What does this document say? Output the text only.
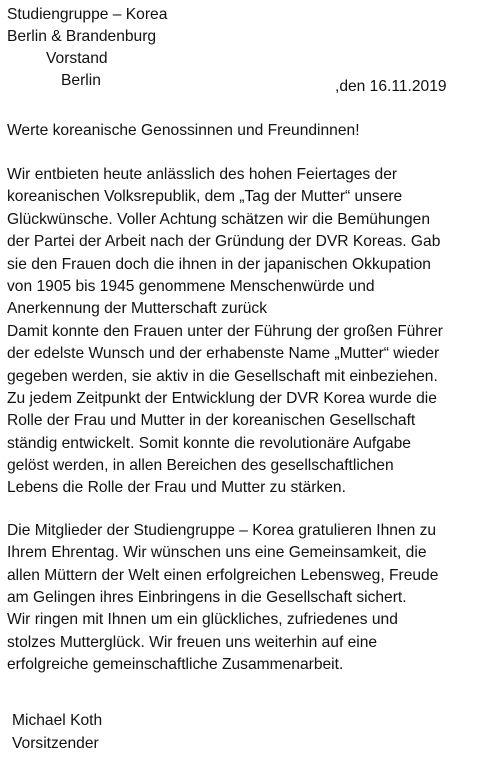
Studiengruppe – Korea
Berlin & Brandenburg
Vorstand
Berlin	,den 16.11.2019
Werte koreanische Genossinnen und Freundinnen!
Wir entbieten heute anlässlich des hohen Feiertages der
koreanischen Volksrepublik, dem „Tag der Mutter“ unsere
Glückwünsche. Voller Achtung schätzen wir die Bemühungen
der Partei der Arbeit nach der Gründung der DVR Koreas. Gab
sie den Frauen doch die ihnen in der japanischen Okkupation
von 1905 bis 1945 genommene Menschenwürde und
Anerkennung der Mutterschaft zurück
Damit konnte den Frauen unter der Führung der großen Führer
der edelste Wunsch und der erhabenste Name „Mutter“ wieder
gegeben werden, sie aktiv in die Gesellschaft mit einbeziehen.
Zu jedem Zeitpunkt der Entwicklung der DVR Korea wurde die
Rolle der Frau und Mutter in der koreanischen Gesellschaft
ständig entwickelt. Somit konnte die revolutionäre Aufgabe
gelöst werden, in allen Bereichen des gesellschaftlichen
Lebens die Rolle der Frau und Mutter zu stärken.
Die Mitglieder der Studiengruppe – Korea gratulieren Ihnen zu
Ihrem Ehrentag. Wir wünschen uns eine Gemeinsamkeit, die
allen Müttern der Welt einen erfolgreichen Lebensweg, Freude
am Gelingen ihres Einbringens in die Gesellschaft sichert.
Wir ringen mit Ihnen um ein glückliches, zufriedenes und
stolzes Mutterglück. Wir freuen uns weiterhin auf eine
erfolgreiche gemeinschaftliche Zusammenarbeit.
Michael Koth
Vorsitzender
